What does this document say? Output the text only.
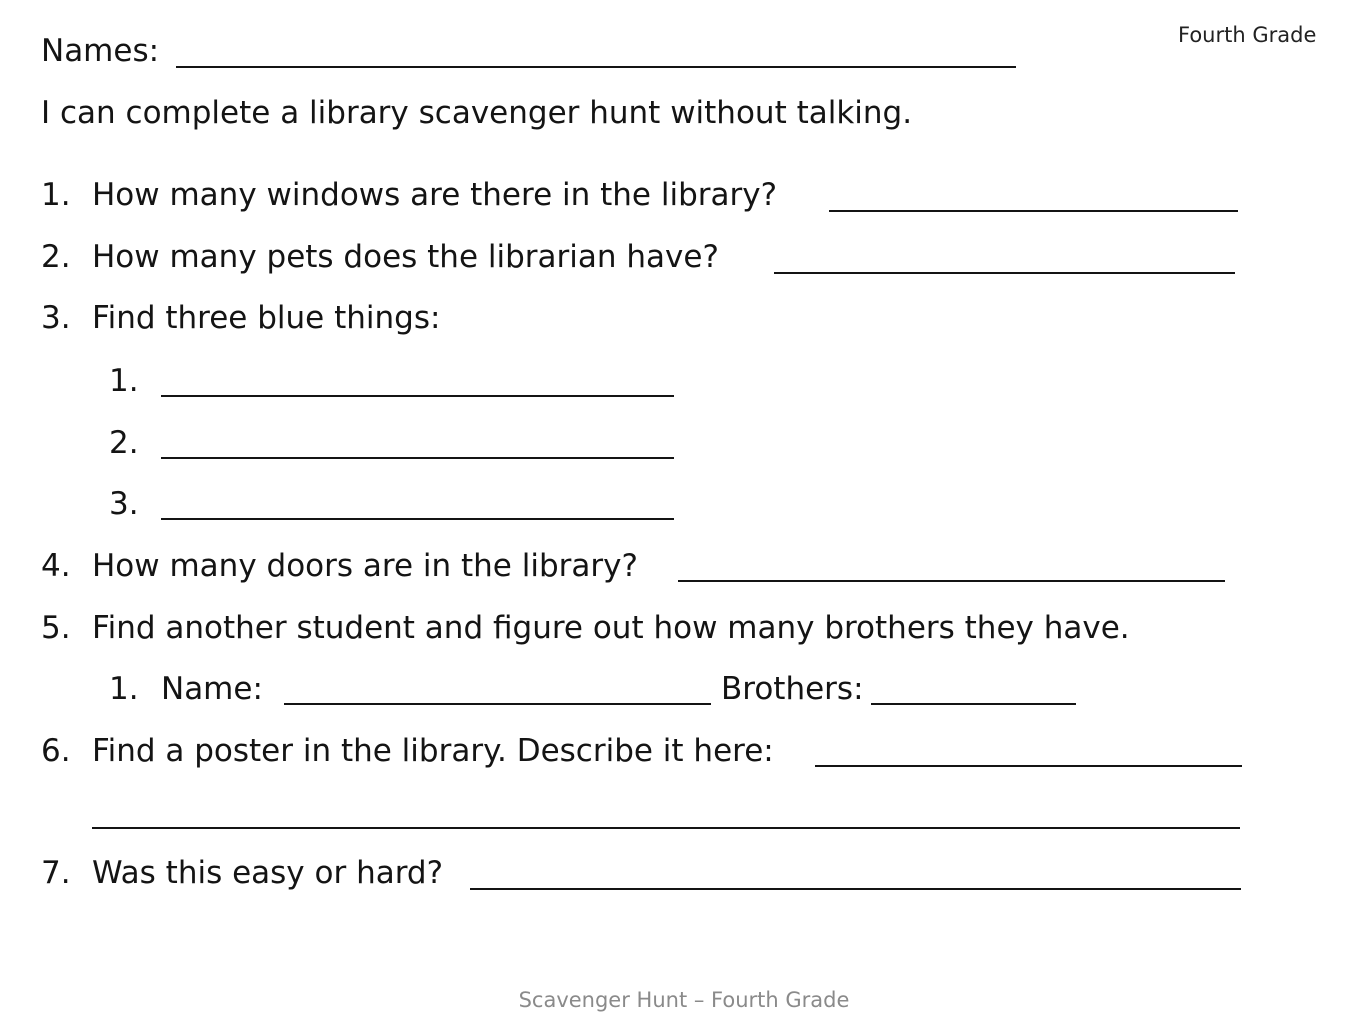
Fourth Grade
Names:
I can complete a library scavenger hunt without talking.
1. How many windows are there in the library?
2. How many pets does the librarian have?
3. Find three blue things:
1.
2.
3.
4. How many doors are in the library?
5. Find another student and figure out how many brothers they have.
1. Name:	Brothers:
6. Find a poster in the library. Describe it here:
7. Was this easy or hard?
Scavenger Hunt – Fourth Grade
